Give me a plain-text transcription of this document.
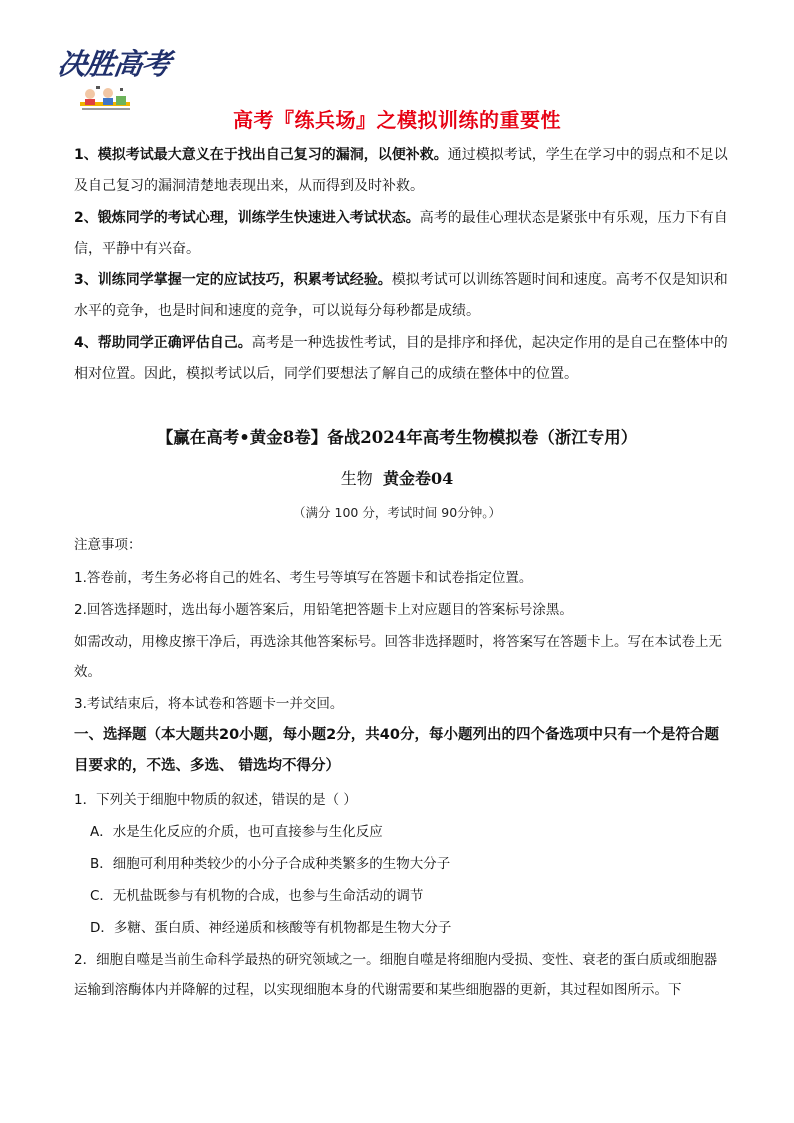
决胜高考
高考『练兵场』之模拟训练的重要性
1、模拟考试最大意义在于找出自己复习的漏洞，以便补救。通过模拟考试，学生在学习中的弱点和不足以及自己复习的漏洞清楚地表现出来，从而得到及时补救。
2、锻炼同学的考试心理，训练学生快速进入考试状态。高考的最佳心理状态是紧张中有乐观，压力下有自信，平静中有兴奋。
3、训练同学掌握一定的应试技巧，积累考试经验。模拟考试可以训练答题时间和速度。高考不仅是知识和水平的竞争，也是时间和速度的竞争，可以说每分每秒都是成绩。
4、帮助同学正确评估自己。高考是一种选拔性考试，目的是排序和择优，起决定作用的是自己在整体中的相对位置。因此，模拟考试以后，同学们要想法了解自己的成绩在整体中的位置。
【赢在高考•黄金8卷】备战2024年高考生物模拟卷（浙江专用）
生物 黄金卷04
（满分 100 分，考试时间 90分钟。）
注意事项：
1.答卷前，考生务必将自己的姓名、考生号等填写在答题卡和试卷指定位置。
2.回答选择题时，选出每小题答案后，用铅笔把答题卡上对应题目的答案标号涂黑。
如需改动，用橡皮擦干净后，再选涂其他答案标号。回答非选择题时，将答案写在答题卡上。写在本试卷上无效。
3.考试结束后，将本试卷和答题卡一并交回。
一、选择题（本大题共20小题，每小题2分，共40分，每小题列出的四个备选项中只有一个是符合题目要求的，不选、多选、 错选均不得分）
1．下列关于细胞中物质的叙述，错误的是（ ）
A．水是生化反应的介质，也可直接参与生化反应
B．细胞可利用种类较少的小分子合成种类繁多的生物大分子
C．无机盐既参与有机物的合成，也参与生命活动的调节
D．多糖、蛋白质、神经递质和核酸等有机物都是生物大分子
2．细胞自噬是当前生命科学最热的研究领域之一。细胞自噬是将细胞内受损、变性、衰老的蛋白质或细胞器运输到溶酶体内并降解的过程，以实现细胞本身的代谢需要和某些细胞器的更新，其过程如图所示。下
